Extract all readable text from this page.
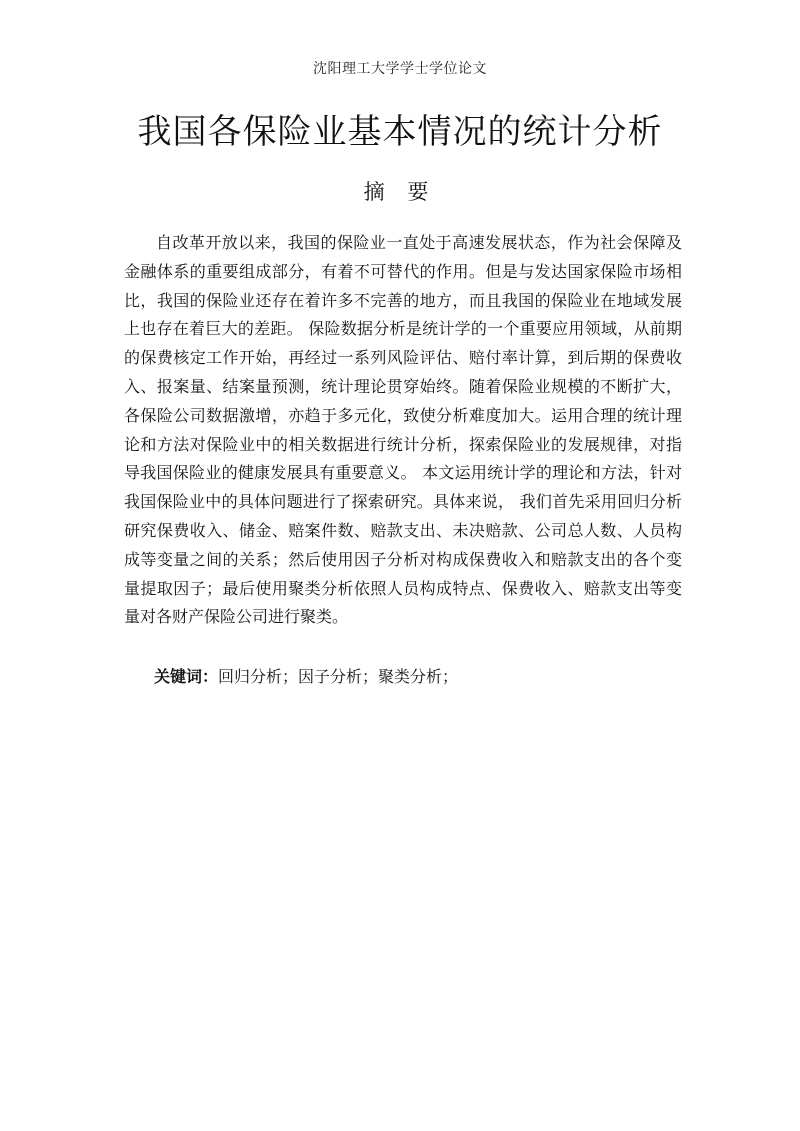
沈阳理工大学学士学位论文
我国各保险业基本情况的统计分析
摘 要

自改革开放以来，我国的保险业一直处于高速发展状态，作为社会保障及金融体系的重要组成部分，有着不可替代的作用。但是与发达国家保险市场相比，我国的保险业还存在着许多不完善的地方，而且我国的保险业在地域发展上也存在着巨大的差距。 保险数据分析是统计学的一个重要应用领域，从前期的保费核定工作开始，再经过一系列风险评估、赔付率计算，到后期的保费收入、报案量、结案量预测，统计理论贯穿始终。随着保险业规模的不断扩大，各保险公司数据激增，亦趋于多元化，致使分析难度加大。运用合理的统计理论和方法对保险业中的相关数据进行统计分析，探索保险业的发展规律，对指导我国保险业的健康发展具有重要意义。 本文运用统计学的理论和方法，针对我国保险业中的具体问题进行了探索研究。具体来说， 我们首先采用回归分析研究保费收入、储金、赔案件数、赔款支出、未决赔款、公司总人数、人员构成等变量之间的关系；然后使用因子分析对构成保费收入和赔款支出的各个变量提取因子；最后使用聚类分析依照人员构成特点、保费收入、赔款支出等变量对各财产保险公司进行聚类。

关键词：回归分析；因子分析；聚类分析；
